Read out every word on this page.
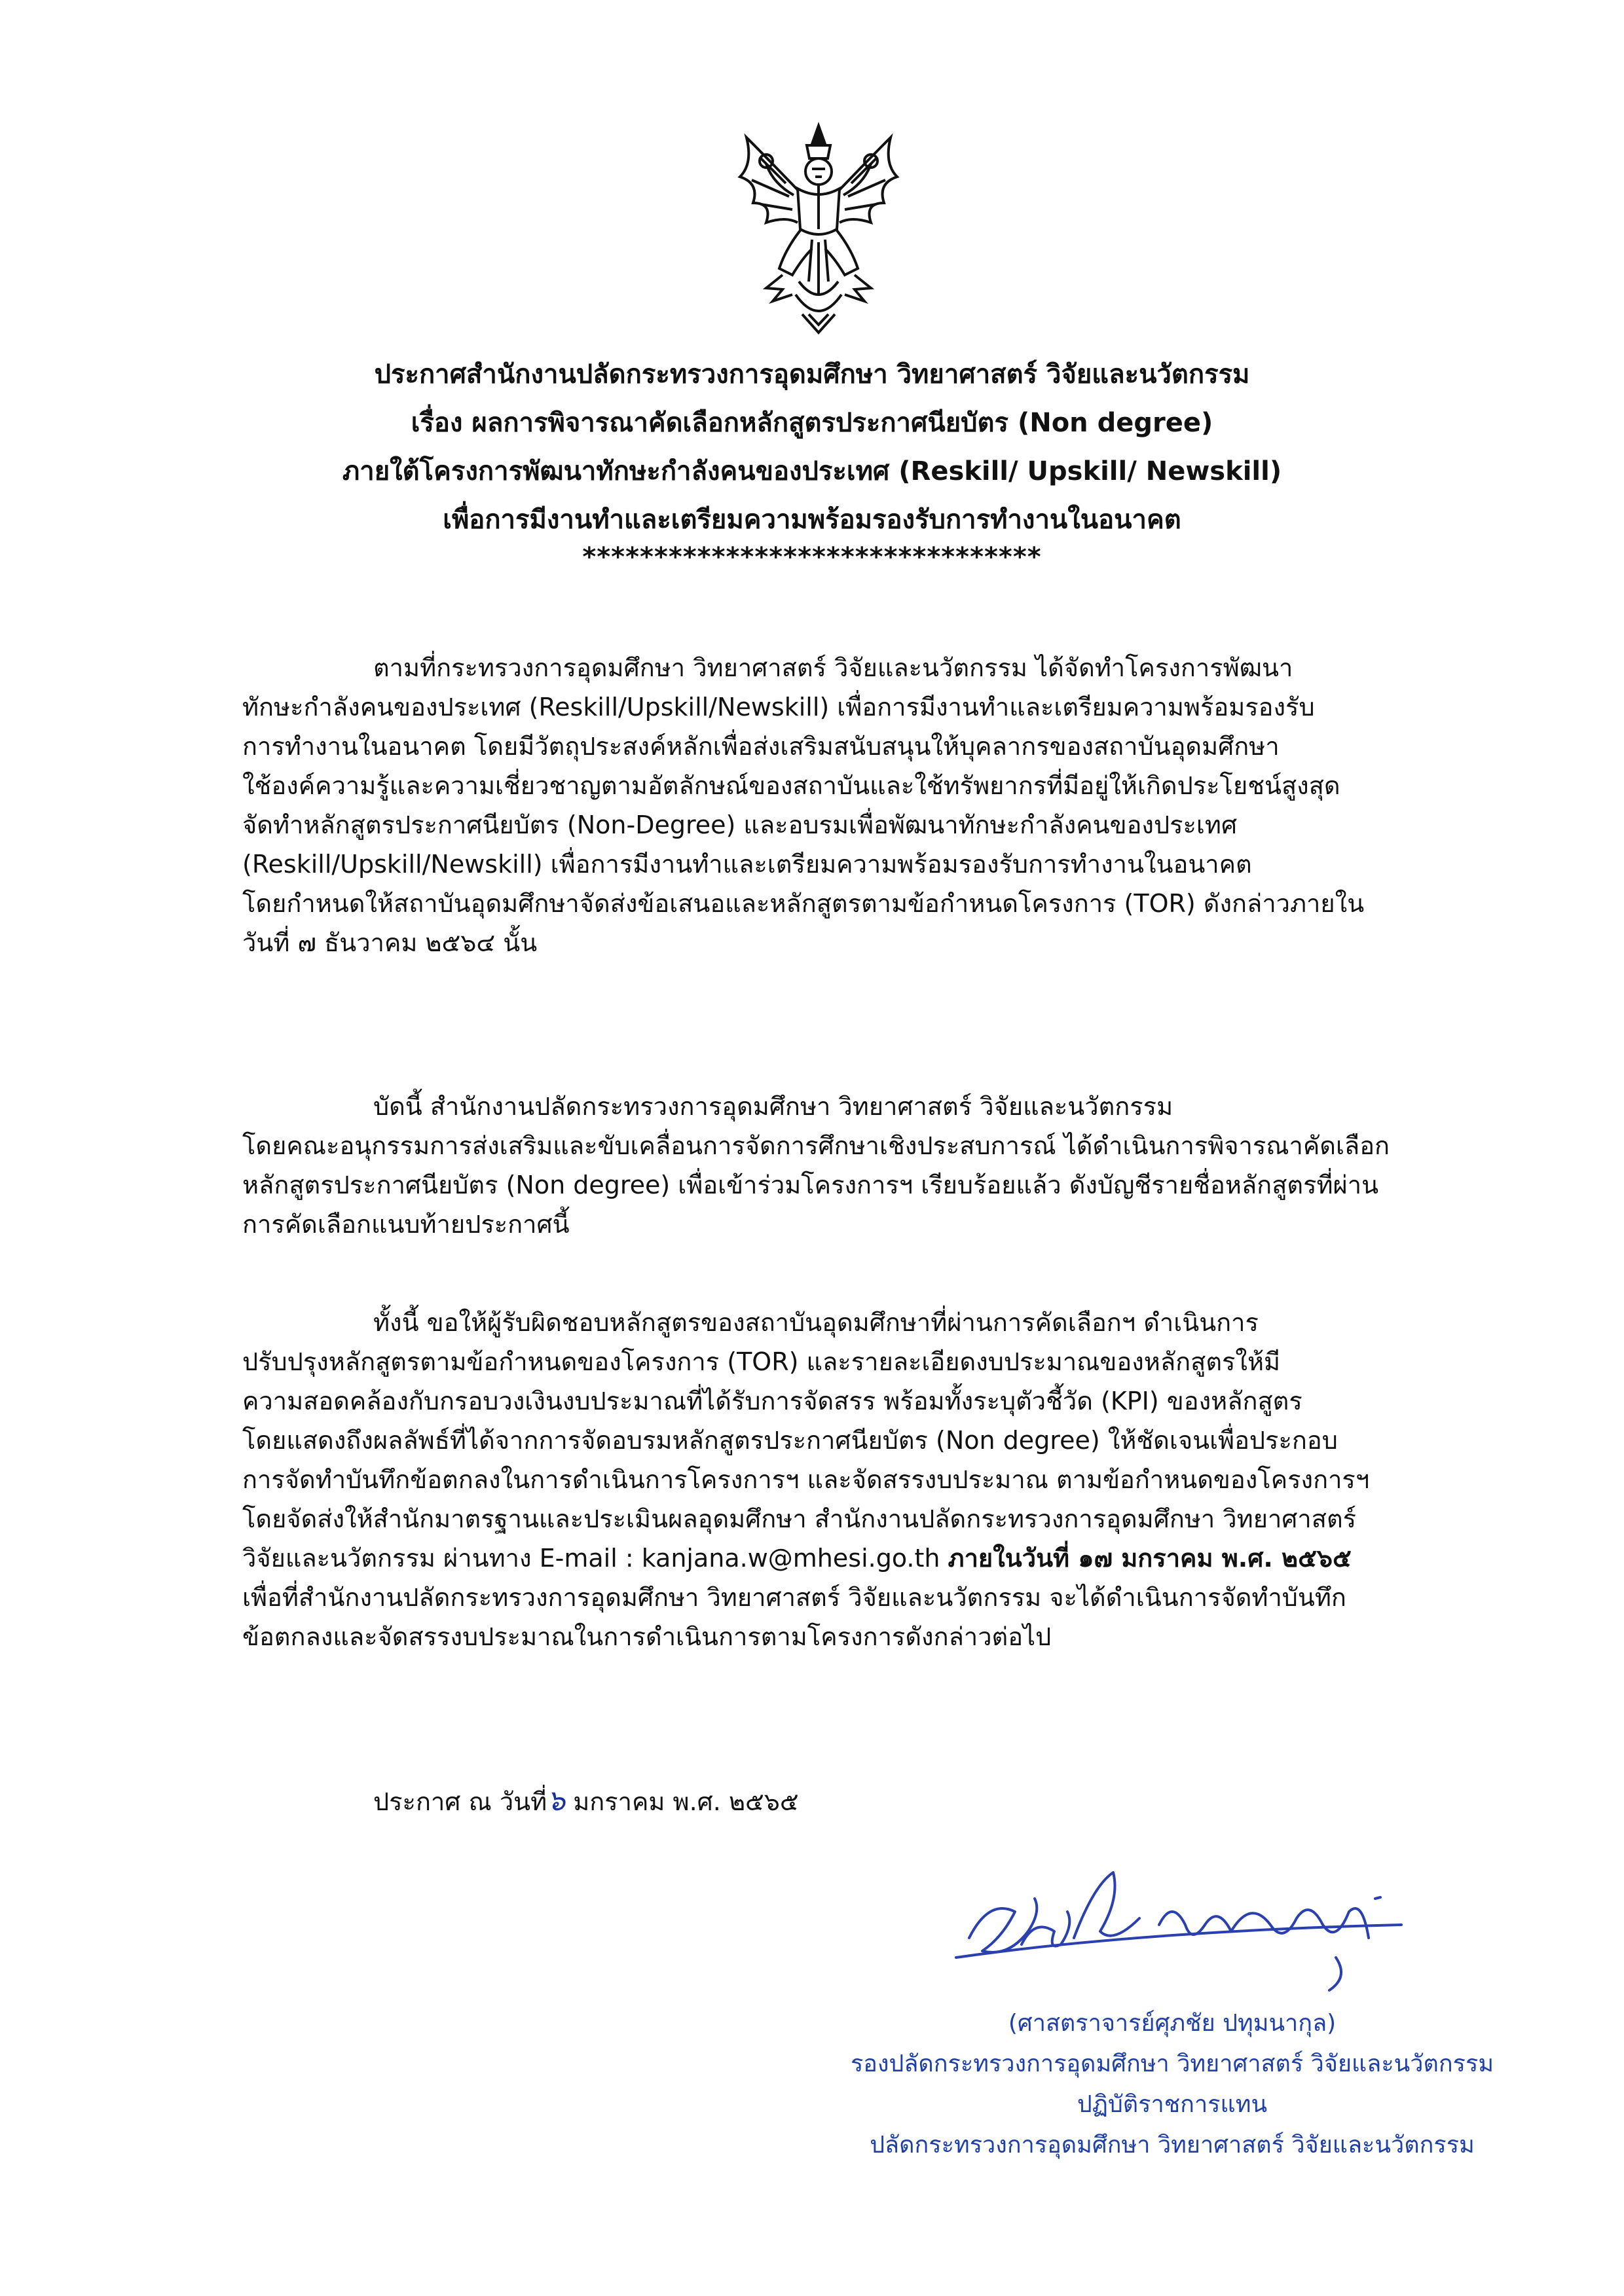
ประกาศสำนักงานปลัดกระทรวงการอุดมศึกษา วิทยาศาสตร์ วิจัยและนวัตกรรม
เรื่อง ผลการพิจารณาคัดเลือกหลักสูตรประกาศนียบัตร (Non degree)
ภายใต้โครงการพัฒนาทักษะกำลังคนของประเทศ (Reskill/ Upskill/ Newskill)
เพื่อการมีงานทำและเตรียมความพร้อมรองรับการทำงานในอนาคต
********************************
ตามที่กระทรวงการอุดมศึกษา วิทยาศาสตร์ วิจัยและนวัตกรรม ได้จัดทำโครงการพัฒนา
ทักษะกำลังคนของประเทศ (Reskill/Upskill/Newskill) เพื่อการมีงานทำและเตรียมความพร้อมรองรับ
การทำงานในอนาคต โดยมีวัตถุประสงค์หลักเพื่อส่งเสริมสนับสนุนให้บุคลากรของสถาบันอุดมศึกษา
ใช้องค์ความรู้และความเชี่ยวชาญตามอัตลักษณ์ของสถาบันและใช้ทรัพยากรที่มีอยู่ให้เกิดประโยชน์สูงสุด
จัดทำหลักสูตรประกาศนียบัตร (Non-Degree) และอบรมเพื่อพัฒนาทักษะกำลังคนของประเทศ
(Reskill/Upskill/Newskill) เพื่อการมีงานทำและเตรียมความพร้อมรองรับการทำงานในอนาคต
โดยกำหนดให้สถาบันอุดมศึกษาจัดส่งข้อเสนอและหลักสูตรตามข้อกำหนดโครงการ (TOR) ดังกล่าวภายใน
วันที่ ๗ ธันวาคม ๒๕๖๔ นั้น
บัดนี้ สำนักงานปลัดกระทรวงการอุดมศึกษา วิทยาศาสตร์ วิจัยและนวัตกรรม
โดยคณะอนุกรรมการส่งเสริมและขับเคลื่อนการจัดการศึกษาเชิงประสบการณ์ ได้ดำเนินการพิจารณาคัดเลือก
หลักสูตรประกาศนียบัตร (Non degree) เพื่อเข้าร่วมโครงการฯ เรียบร้อยแล้ว ดังบัญชีรายชื่อหลักสูตรที่ผ่าน
การคัดเลือกแนบท้ายประกาศนี้
ทั้งนี้ ขอให้ผู้รับผิดชอบหลักสูตรของสถาบันอุดมศึกษาที่ผ่านการคัดเลือกฯ ดำเนินการ
ปรับปรุงหลักสูตรตามข้อกำหนดของโครงการ (TOR) และรายละเอียดงบประมาณของหลักสูตรให้มี
ความสอดคล้องกับกรอบวงเงินงบประมาณที่ได้รับการจัดสรร พร้อมทั้งระบุตัวชี้วัด (KPI) ของหลักสูตร
โดยแสดงถึงผลลัพธ์ที่ได้จากการจัดอบรมหลักสูตรประกาศนียบัตร (Non degree) ให้ชัดเจนเพื่อประกอบ
การจัดทำบันทึกข้อตกลงในการดำเนินการโครงการฯ และจัดสรรงบประมาณ ตามข้อกำหนดของโครงการฯ
โดยจัดส่งให้สำนักมาตรฐานและประเมินผลอุดมศึกษา สำนักงานปลัดกระทรวงการอุดมศึกษา วิทยาศาสตร์
วิจัยและนวัตกรรม ผ่านทาง E-mail : kanjana.w@mhesi.go.th ภายในวันที่ ๑๗ มกราคม พ.ศ. ๒๕๖๕
เพื่อที่สำนักงานปลัดกระทรวงการอุดมศึกษา วิทยาศาสตร์ วิจัยและนวัตกรรม จะได้ดำเนินการจัดทำบันทึก
ข้อตกลงและจัดสรรงบประมาณในการดำเนินการตามโครงการดังกล่าวต่อไป
ประกาศ ณ วันที่๖ มกราคม พ.ศ. ๒๕๖๕
(ศาสตราจารย์ศุภชัย ปทุมนากุล)
รองปลัดกระทรวงการอุดมศึกษา วิทยาศาสตร์ วิจัยและนวัตกรรม
ปฏิบัติราชการแทน
ปลัดกระทรวงการอุดมศึกษา วิทยาศาสตร์ วิจัยและนวัตกรรม
